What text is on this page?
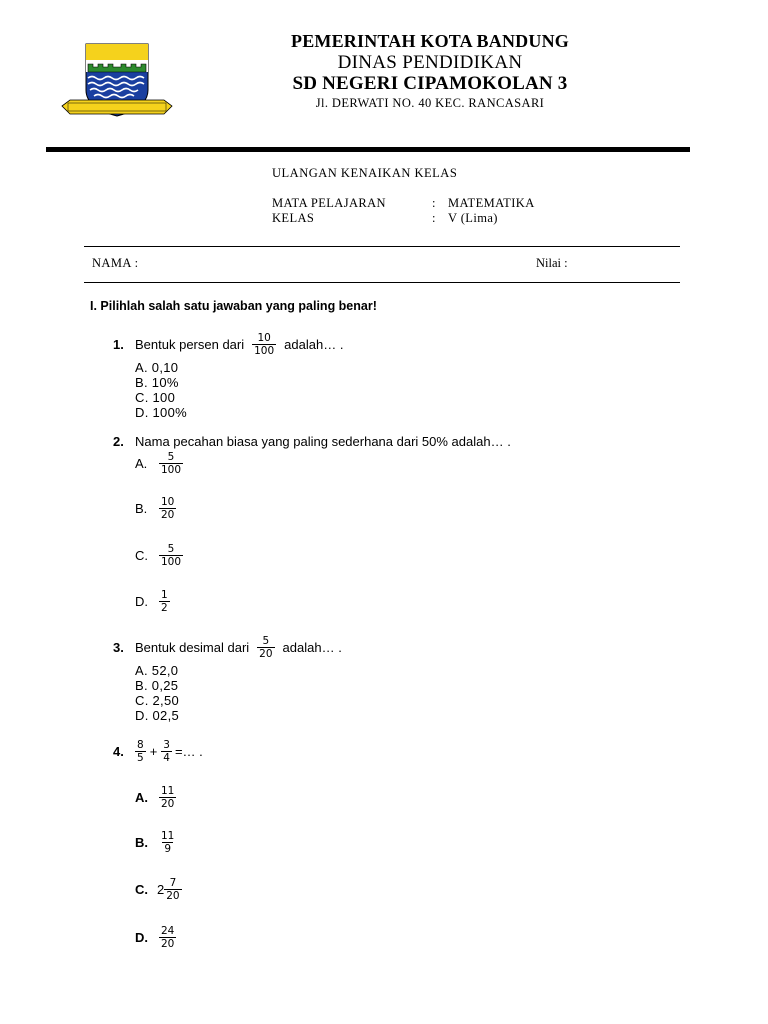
PEMERINTAH KOTA BANDUNG
DINAS PENDIDIKAN
SD NEGERI CIPAMOKOLAN 3
Jl. DERWATI NO. 40 KEC. RANCASARI
ULANGAN KENAIKAN KELAS
MATA PELAJARAN	: MATEMATIKA
KELAS	: V (Lima)
NAMA :	Nilai :
I. Pilihlah salah satu jawaban yang paling benar!
1. Bentuk persen dari $\frac{10}{100}$ adalah… .
A. 0,10
B. 10%
C. 100
D. 100%
2. Nama pecahan biasa yang paling sederhana dari 50% adalah… .
A.	$\frac{5}{100}$
B.	$\frac{10}{20}$
C.	$\frac{5}{100}$
D.	$\frac{1}{2}$
3. Bentuk desimal dari $\frac{5}{20}$ adalah… .
A. 52,0
B. 0,25
C. 2,50
D. 02,5
4.	$\frac{8}{5} + \frac{3}{4}$ =… .
A.	$\frac{11}{20}$
B.	$\frac{11}{9}$
C. $2 \frac{7}{20}$
D.	$\frac{24}{20}$
